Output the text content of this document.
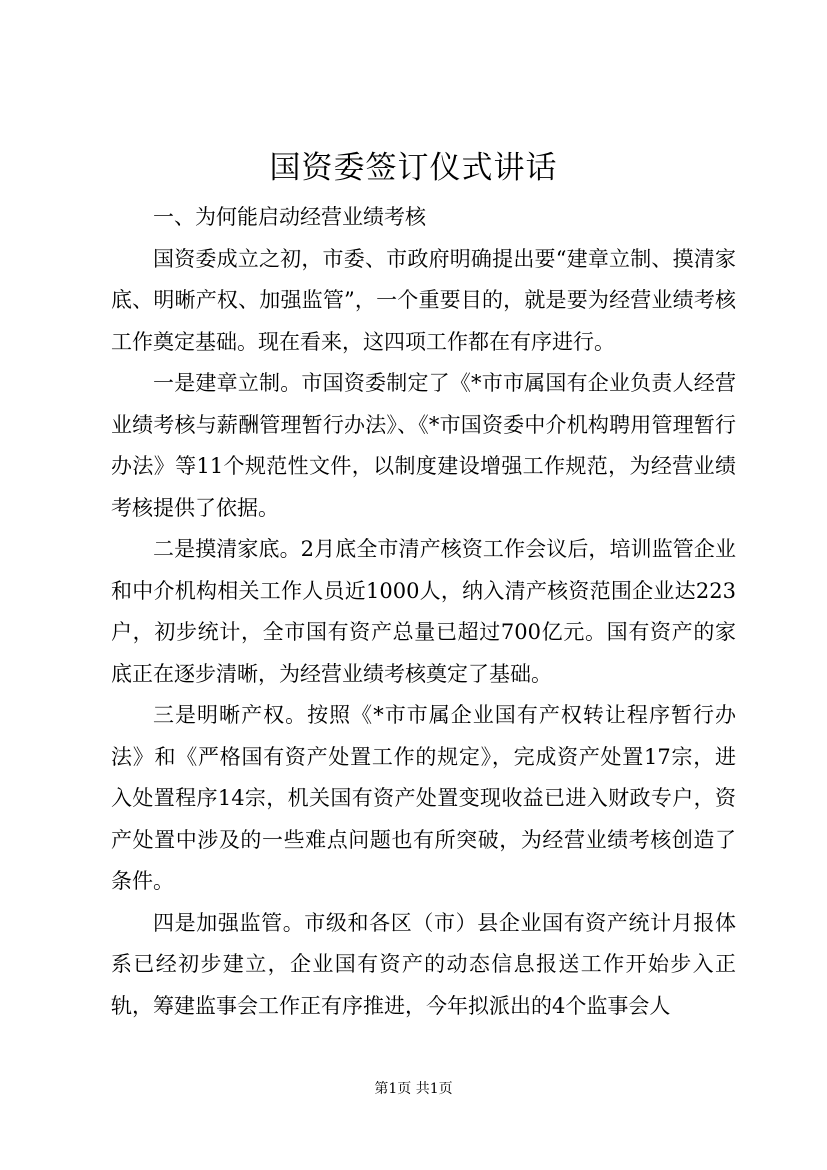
国资委签订仪式讲话

一、为何能启动经营业绩考核

国资委成立之初，市委、市政府明确提出要“建章立制、摸清家底、明晰产权、加强监管”，一个重要目的，就是要为经营业绩考核工作奠定基础。现在看来，这四项工作都在有序进行。

一是建章立制。市国资委制定了《*市市属国有企业负责人经营业绩考核与薪酬管理暂行办法》、《*市国资委中介机构聘用管理暂行办法》等11个规范性文件，以制度建设增强工作规范，为经营业绩考核提供了依据。

二是摸清家底。2月底全市清产核资工作会议后，培训监管企业和中介机构相关工作人员近1000人，纳入清产核资范围企业达223户，初步统计，全市国有资产总量已超过700亿元。国有资产的家底正在逐步清晰，为经营业绩考核奠定了基础。

三是明晰产权。按照《*市市属企业国有产权转让程序暂行办法》和《严格国有资产处置工作的规定》，完成资产处置17宗，进入处置程序14宗，机关国有资产处置变现收益已进入财政专户，资产处置中涉及的一些难点问题也有所突破，为经营业绩考核创造了条件。

四是加强监管。市级和各区（市）县企业国有资产统计月报体系已经初步建立，企业国有资产的动态信息报送工作开始步入正轨，筹建监事会工作正有序推进，今年拟派出的4个监事会人

第1页 共1页
